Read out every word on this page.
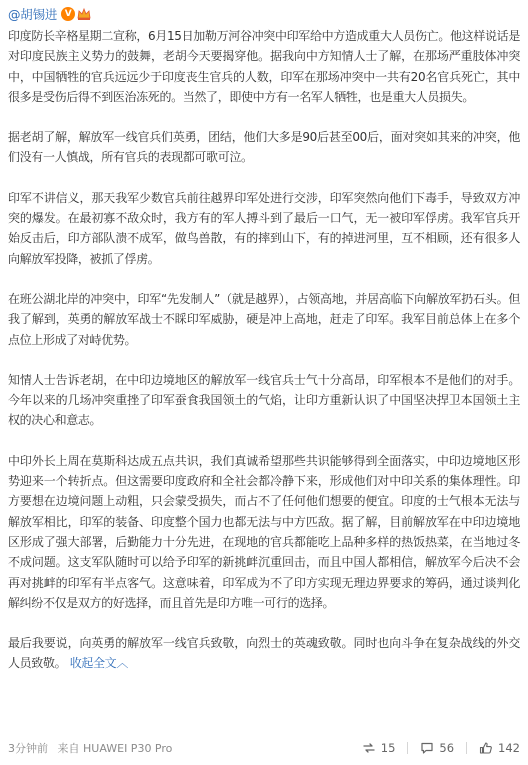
@胡锡进 V

印度防长辛格星期二宣称，6月15日加勒万河谷冲突中印军给中方造成重大人员伤亡。他这样说话是对印度民族主义势力的鼓舞，老胡今天要揭穿他。据我向中方知情人士了解，在那场严重肢体冲突中，中国牺牲的官兵远远少于印度丧生官兵的人数，印军在那场冲突中一共有20名官兵死亡，其中很多是受伤后得不到医治冻死的。当然了，即使中方有一名军人牺牲，也是重大人员损失。

据老胡了解，解放军一线官兵们英勇，团结，他们大多是90后甚至00后，面对突如其来的冲突，他们没有一人慎战，所有官兵的表现都可歌可泣。

印军不讲信义，那天我军少数官兵前往越界印军处进行交涉，印军突然向他们下毒手，导致双方冲突的爆发。在最初寡不敌众时，我方有的军人搏斗到了最后一口气，无一被印军俘虏。我军官兵开始反击后，印方部队溃不成军，做鸟兽散，有的摔到山下，有的掉进河里，互不相顾，还有很多人向解放军投降，被抓了俘虏。

在班公湖北岸的冲突中，印军“先发制人”（就是越界），占领高地，并居高临下向解放军扔石头。但我了解到，英勇的解放军战士不睬印军威胁，硬是冲上高地，赶走了印军。我军目前总体上在多个点位上形成了对峙优势。

知情人士告诉老胡，在中印边境地区的解放军一线官兵士气十分高昂，印军根本不是他们的对手。今年以来的几场冲突重挫了印军蚕食我国领土的气焰，让印方重新认识了中国坚决捍卫本国领土主权的决心和意志。

中印外长上周在莫斯科达成五点共识，我们真诚希望那些共识能够得到全面落实，中印边境地区形势迎来一个转折点。但这需要印度政府和全社会都冷静下来，形成他们对中印关系的集体理性。印方要想在边境问题上动粗，只会蒙受损失，而占不了任何他们想要的便宜。印度的士气根本无法与解放军相比，印军的装备、印度整个国力也都无法与中方匹敌。据了解，目前解放军在中印边境地区形成了强大部署，后勤能力十分先进，在现地的官兵都能吃上品种多样的热饭热菜，在当地过冬不成问题。这支军队随时可以给予印军的新挑衅沉重回击，而且中国人都相信，解放军今后决不会再对挑衅的印军有半点客气。这意味着，印军成为不了印方实现无理边界要求的筹码，通过谈判化解纠纷不仅是双方的好选择，而且首先是印方唯一可行的选择。

最后我要说，向英勇的解放军一线官兵致敬，向烈士的英魂致敬。同时也向斗争在复杂战线的外交人员致敬。 收起全文︿

3分钟前 来自 HUAWEI P30 Pro	15	56	142
